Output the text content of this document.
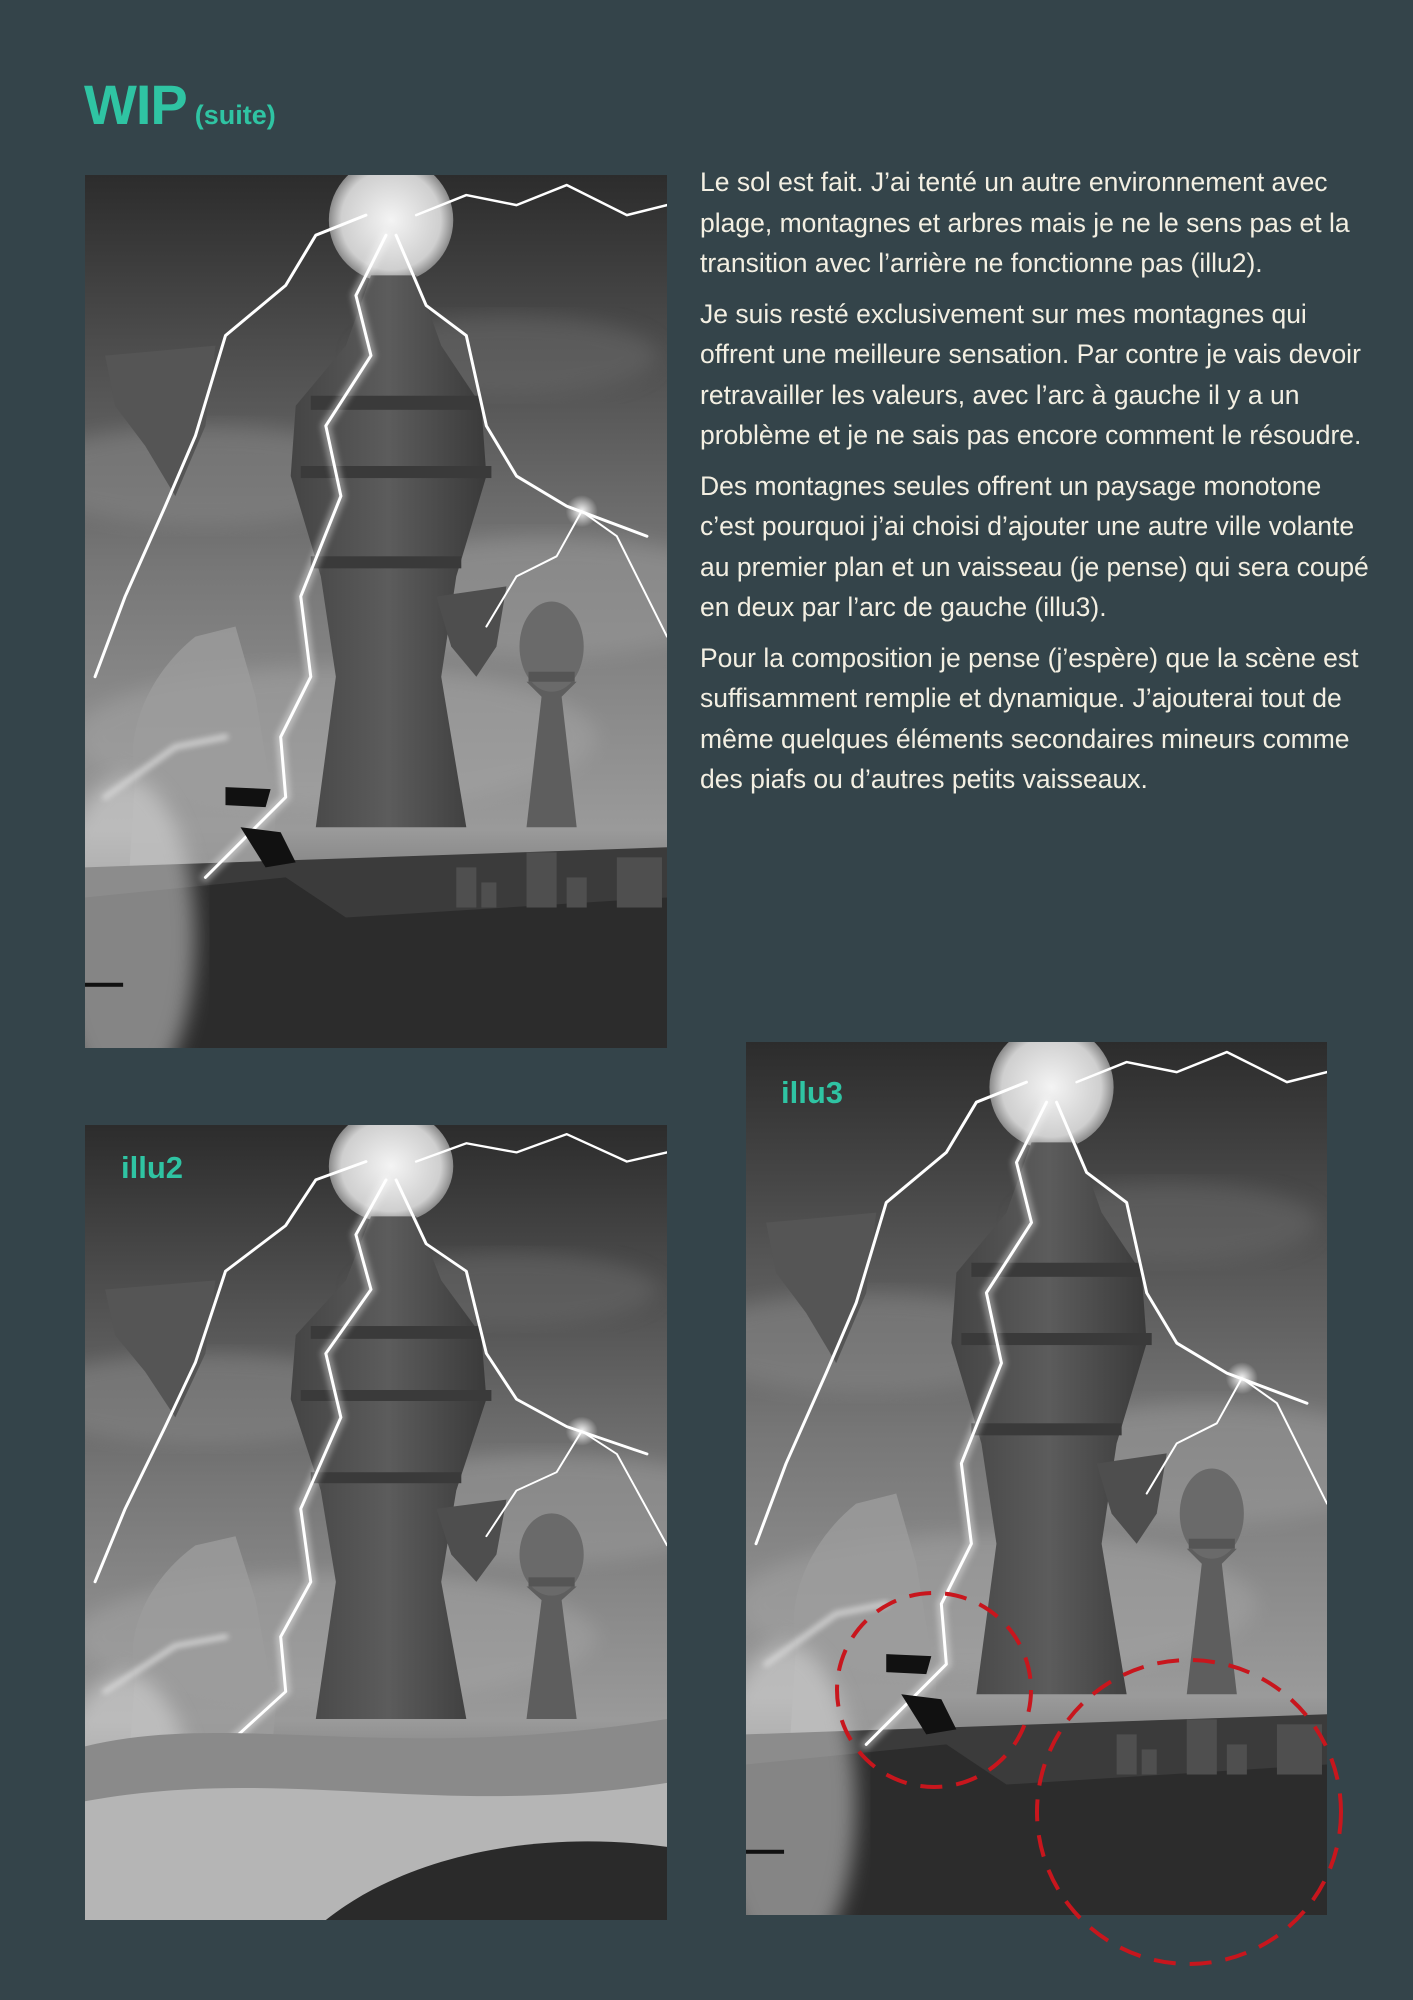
WIP (suite)

Le sol est fait. J’ai tenté un autre environnement avec plage, montagnes et arbres mais je ne le sens pas et la transition avec l’arrière ne fonctionne pas (illu2).

Je suis resté exclusivement sur mes montagnes qui offrent une meilleure sensation. Par contre je vais devoir retravailler les valeurs, avec l’arc à gauche il y a un problème et je ne sais pas encore comment le résoudre.

Des montagnes seules offrent un paysage monotone c’est pourquoi j’ai choisi d’ajouter une autre ville volante au premier plan et un vaisseau (je pense) qui sera coupé en deux par l’arc de gauche (illu3).

Pour la composition je pense (j’espère) que la scène est suffisamment remplie et dynamique. J’ajouterai tout de même quelques éléments secondaires mineurs comme des piafs ou d’autres petits vaisseaux.

illu2
illu3
